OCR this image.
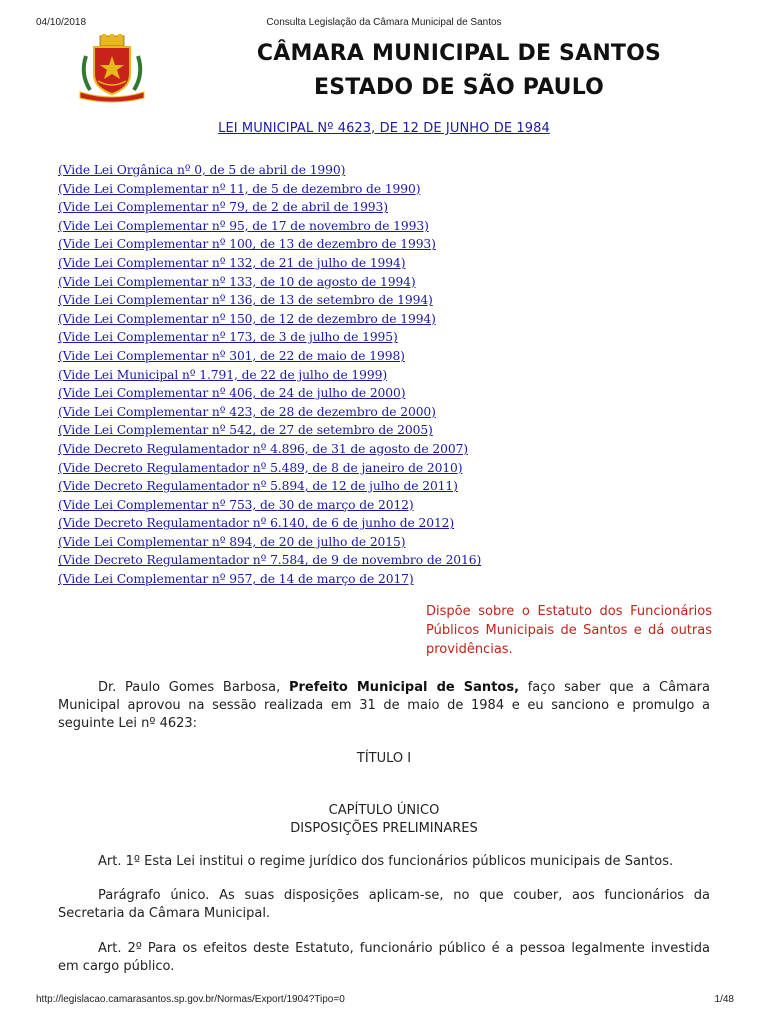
04/10/2018	Consulta Legislação da Câmara Municipal de Santos
CÂMARA MUNICIPAL DE SANTOS
ESTADO DE SÃO PAULO
LEI MUNICIPAL Nº 4623, DE 12 DE JUNHO DE 1984
(Vide Lei Orgânica nº 0, de 5 de abril de 1990)
(Vide Lei Complementar nº 11, de 5 de dezembro de 1990)
(Vide Lei Complementar nº 79, de 2 de abril de 1993)
(Vide Lei Complementar nº 95, de 17 de novembro de 1993)
(Vide Lei Complementar nº 100, de 13 de dezembro de 1993)
(Vide Lei Complementar nº 132, de 21 de julho de 1994)
(Vide Lei Complementar nº 133, de 10 de agosto de 1994)
(Vide Lei Complementar nº 136, de 13 de setembro de 1994)
(Vide Lei Complementar nº 150, de 12 de dezembro de 1994)
(Vide Lei Complementar nº 173, de 3 de julho de 1995)
(Vide Lei Complementar nº 301, de 22 de maio de 1998)
(Vide Lei Municipal nº 1.791, de 22 de julho de 1999)
(Vide Lei Complementar nº 406, de 24 de julho de 2000)
(Vide Lei Complementar nº 423, de 28 de dezembro de 2000)
(Vide Lei Complementar nº 542, de 27 de setembro de 2005)
(Vide Decreto Regulamentador nº 4.896, de 31 de agosto de 2007)
(Vide Decreto Regulamentador nº 5.489, de 8 de janeiro de 2010)
(Vide Decreto Regulamentador nº 5.894, de 12 de julho de 2011)
(Vide Lei Complementar nº 753, de 30 de março de 2012)
(Vide Decreto Regulamentador nº 6.140, de 6 de junho de 2012)
(Vide Lei Complementar nº 894, de 20 de julho de 2015)
(Vide Decreto Regulamentador nº 7.584, de 9 de novembro de 2016)
(Vide Lei Complementar nº 957, de 14 de março de 2017)
Dispõe sobre o Estatuto dos Funcionários Públicos Municipais de Santos e dá outras providências.

Dr. Paulo Gomes Barbosa, Prefeito Municipal de Santos, faço saber que a Câmara Municipal aprovou na sessão realizada em 31 de maio de 1984 e eu sanciono e promulgo a seguinte Lei nº 4623:

TÍTULO I

CAPÍTULO ÚNICO

DISPOSIÇÕES PRELIMINARES

Art. 1º Esta Lei institui o regime jurídico dos funcionários públicos municipais de Santos.

Parágrafo único. As suas disposições aplicam-se, no que couber, aos funcionários da Secretaria da Câmara Municipal.

Art. 2º Para os efeitos deste Estatuto, funcionário público é a pessoa legalmente investida em cargo público.

http://legislacao.camarasantos.sp.gov.br/Normas/Export/1904?Tipo=0	1/48
